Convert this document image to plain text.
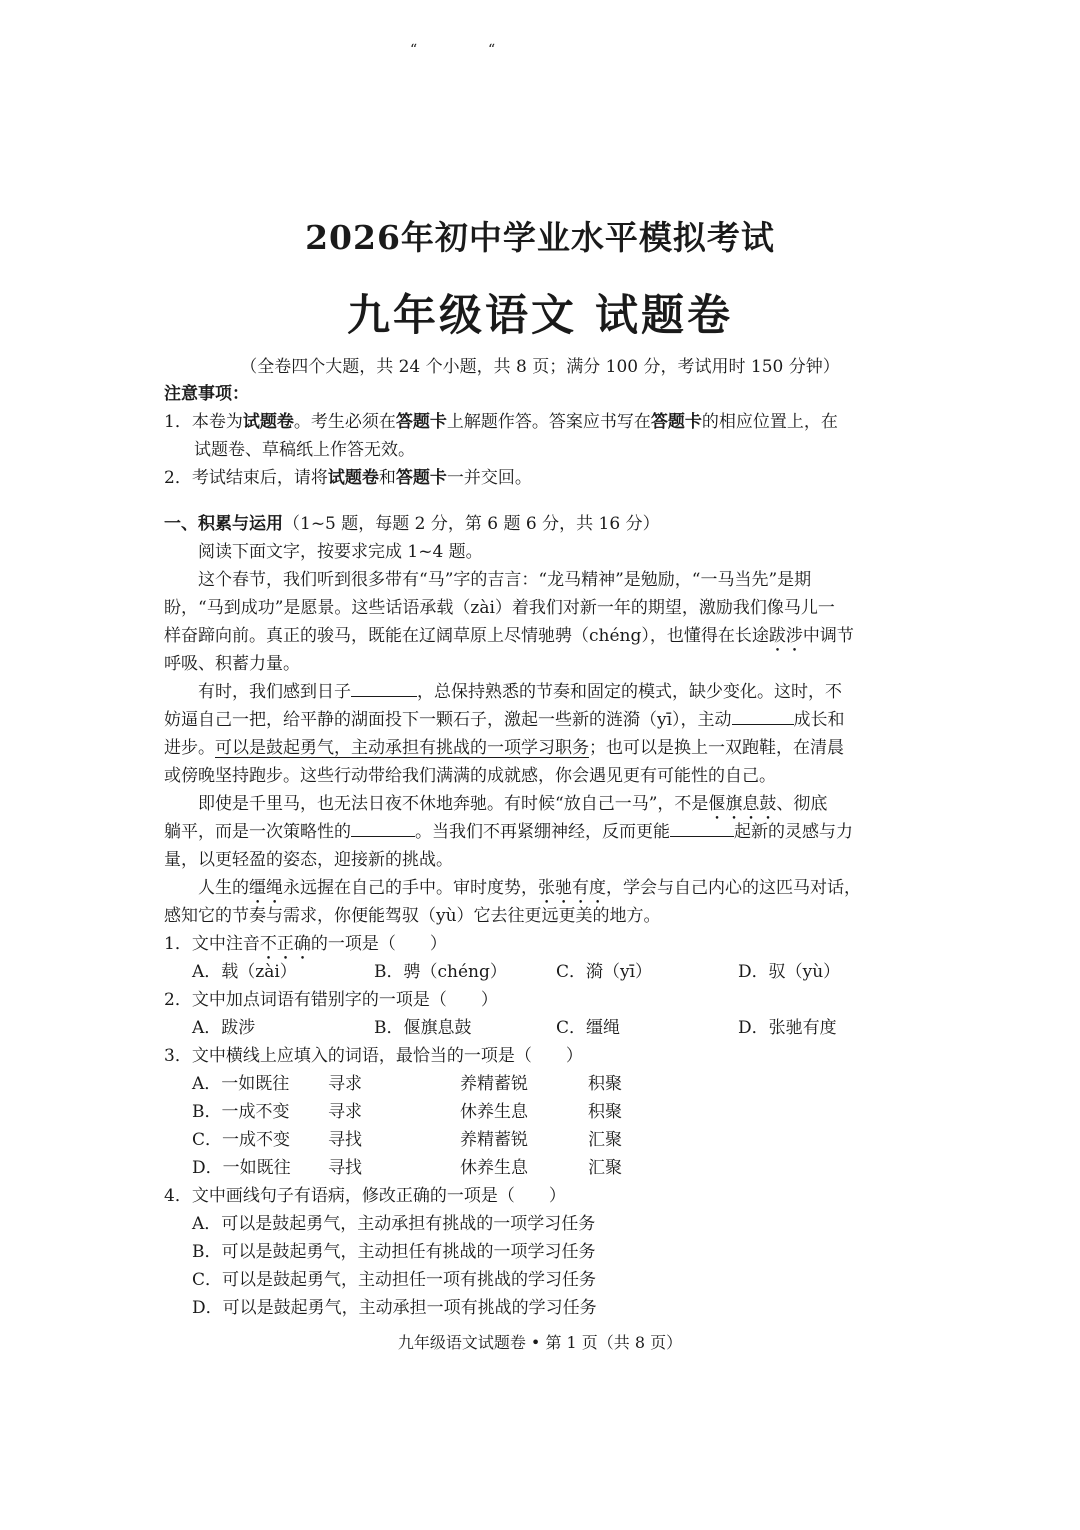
“	“
2026年初中学业水平模拟考试
九年级语文 试题卷
（全卷四个大题，共 24 个小题，共 8 页；满分 100 分，考试用时 150 分钟）
注意事项：
1．本卷为试题卷。考生必须在答题卡上解题作答。答案应书写在答题卡的相应位置上，在
试题卷、草稿纸上作答无效。
2．考试结束后，请将试题卷和答题卡一并交回。
一、积累与运用（1~5 题，每题 2 分，第 6 题 6 分，共 16 分）
阅读下面文字，按要求完成 1~4 题。
这个春节，我们听到很多带有“马”字的吉言：“龙马精神”是勉励，“一马当先”是期
盼，“马到成功”是愿景。这些话语承载（zài）着我们对新一年的期望，激励我们像马儿一
样奋蹄向前。真正的骏马，既能在辽阔草原上尽情驰骋（chéng），也懂得在长途跋涉中调节
呼吸、积蓄力量。
有时，我们感到日子	，总保持熟悉的节奏和固定的模式，缺少变化。这时，不
妨逼自己一把，给平静的湖面投下一颗石子，激起一些新的涟漪（yī），主动	成长和
进步。可以是鼓起勇气，主动承担有挑战的一项学习职务；也可以是换上一双跑鞋，在清晨
或傍晚坚持跑步。这些行动带给我们满满的成就感，你会遇见更有可能性的自己。
即使是千里马，也无法日夜不休地奔驰。有时候“放自己一马”，不是偃旗息鼓、彻底
躺平，而是一次策略性的	。当我们不再紧绷神经，反而更能	起新的灵感与力
量，以更轻盈的姿态，迎接新的挑战。
人生的缰绳永远握在自己的手中。审时度势，张驰有度，学会与自己内心的这匹马对话，
感知它的节奏与需求，你便能驾驭（yù）它去往更远更美的地方。
1．文中注音不正确的一项是（　　）
A．载（zài）	B．骋（chéng）	C．漪（yī）	D．驭（yù）
2．文中加点词语有错别字的一项是（　　）
A．跋涉	B．偃旗息鼓	C．缰绳	D．张驰有度
3．文中横线上应填入的词语，最恰当的一项是（　　）
A．一如既往	寻求	养精蓄锐	积聚
B．一成不变	寻求	休养生息	积聚
C．一成不变	寻找	养精蓄锐	汇聚
D．一如既往	寻找	休养生息	汇聚
4．文中画线句子有语病，修改正确的一项是（　　）
A．可以是鼓起勇气，主动承担有挑战的一项学习任务
B．可以是鼓起勇气，主动担任有挑战的一项学习任务
C．可以是鼓起勇气，主动担任一项有挑战的学习任务
D．可以是鼓起勇气，主动承担一项有挑战的学习任务
九年级语文试题卷 • 第 1 页（共 8 页）
